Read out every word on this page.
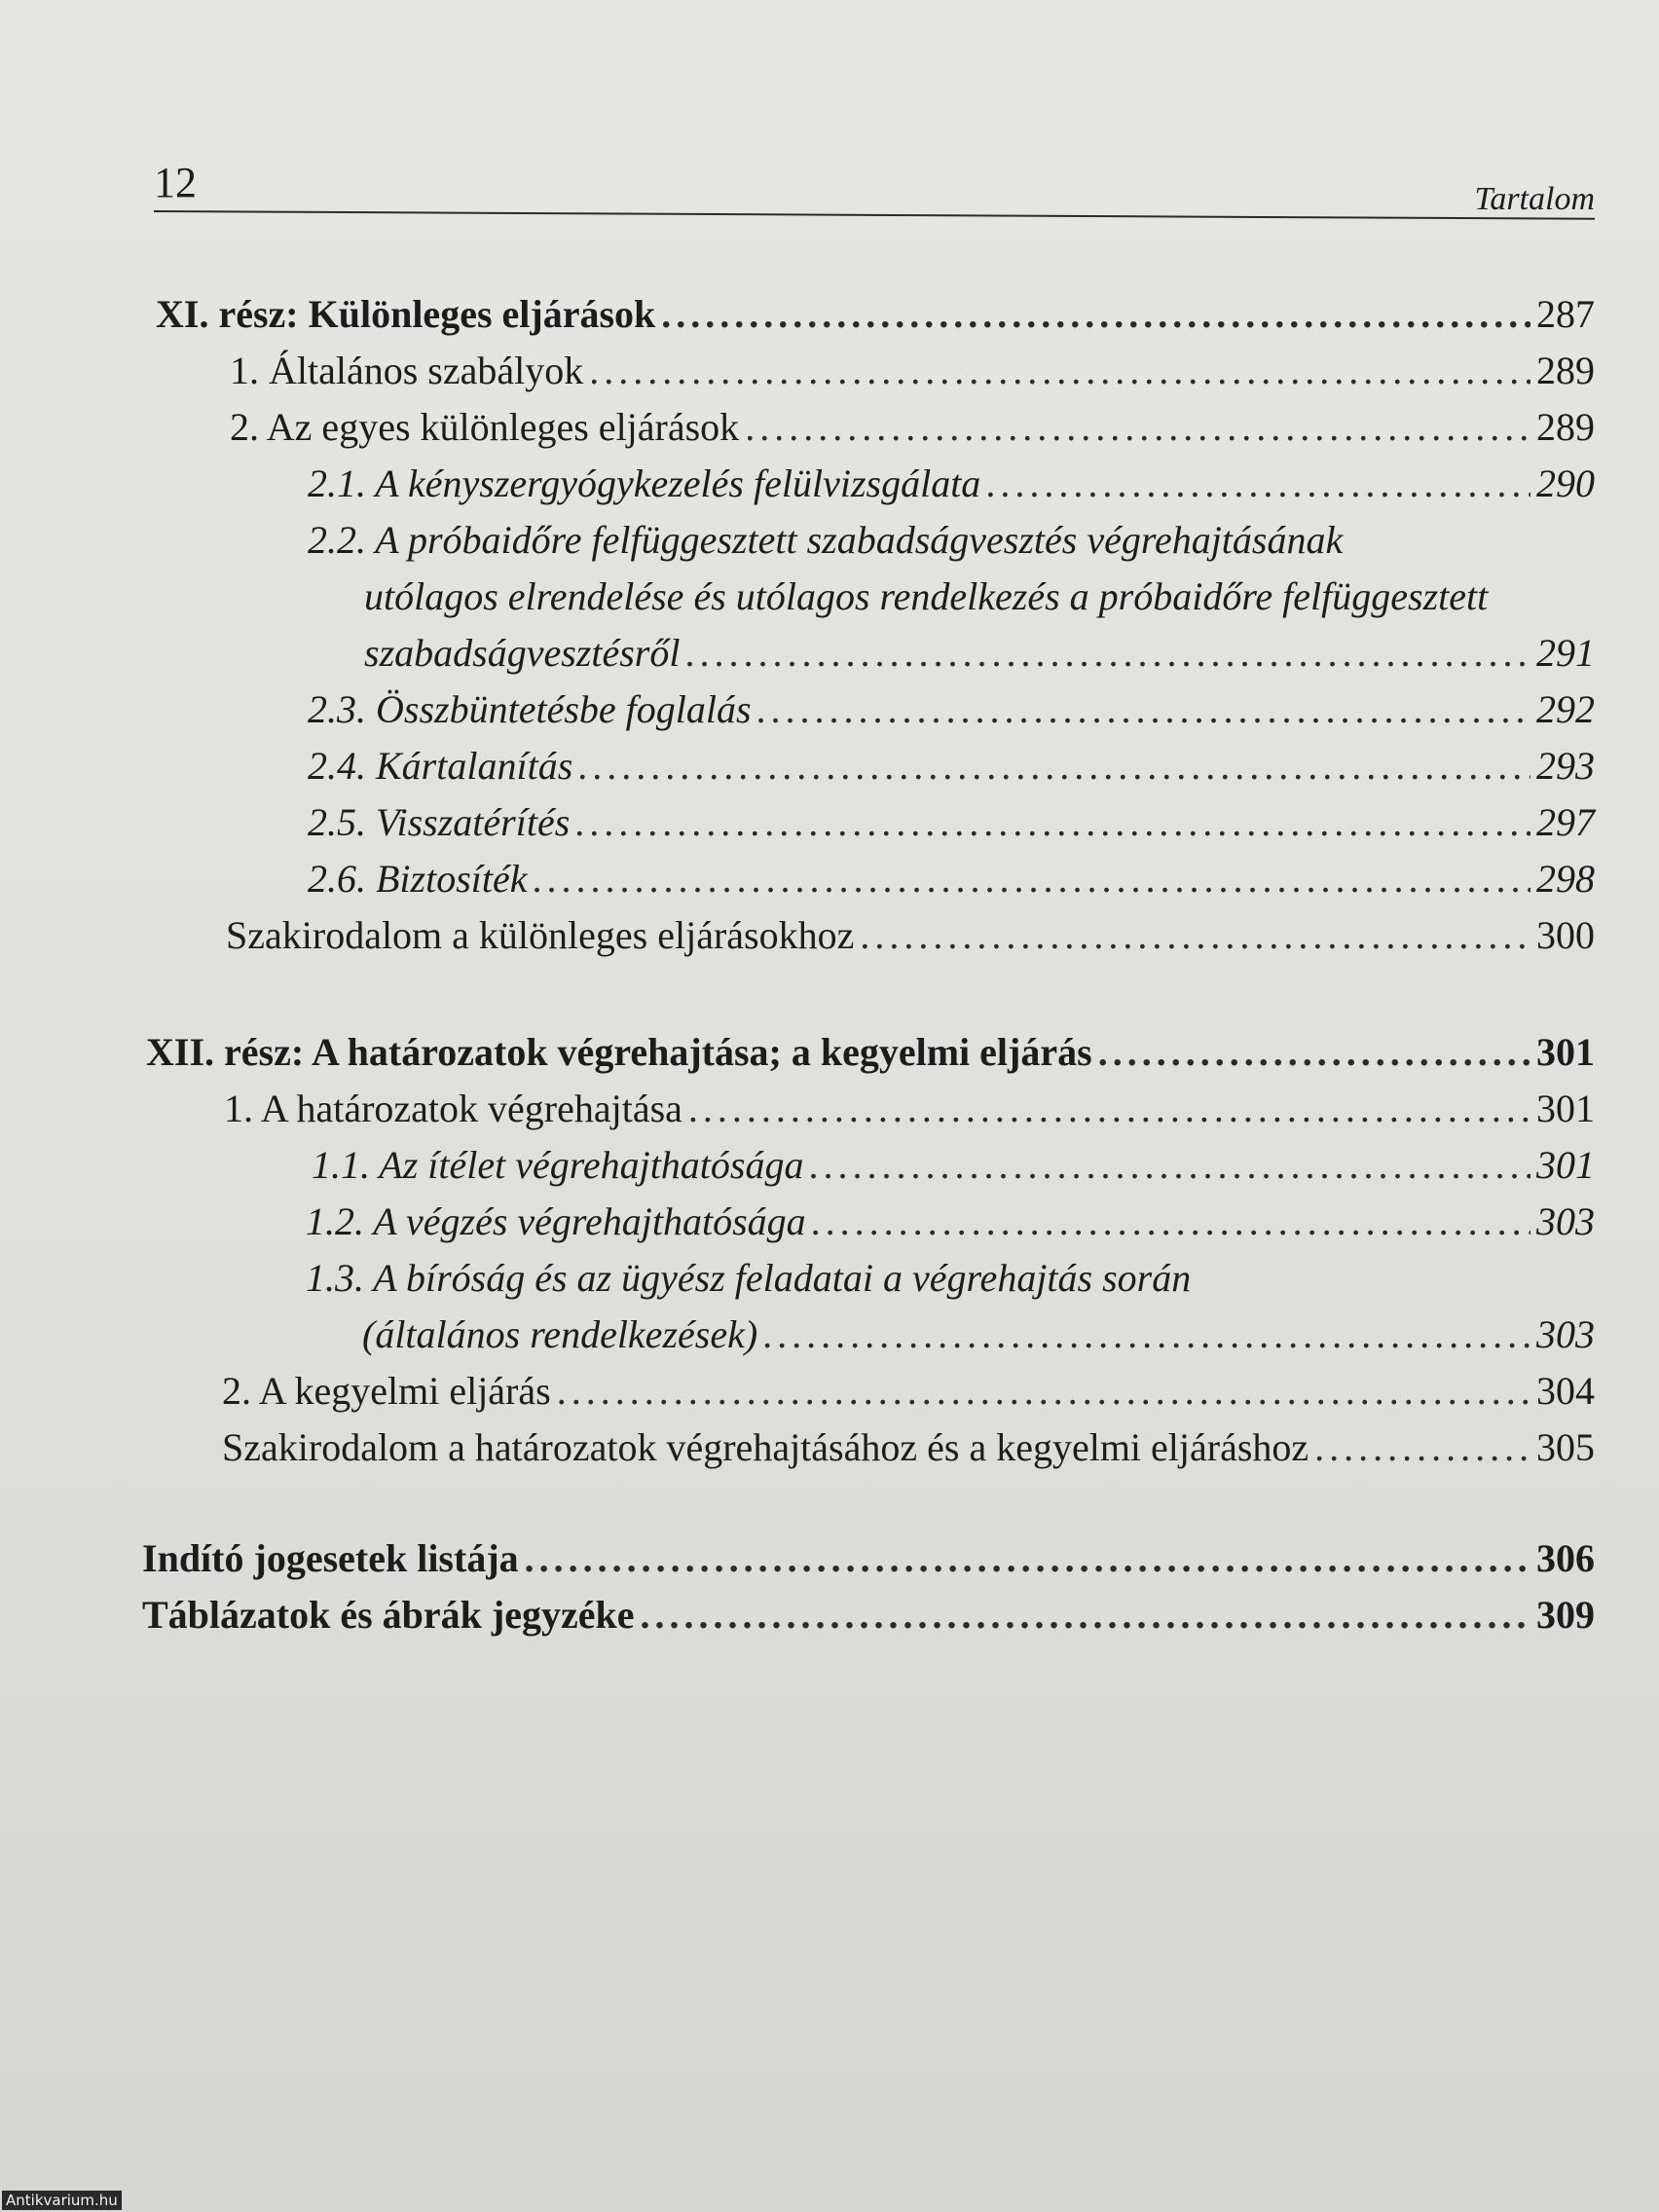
12	Tartalom
XI. rész: Különleges eljárások .....	287
1. Általános szabályok .....	289
2. Az egyes különleges eljárások .....	289
2.1. A kényszergyógykezelés felülvizsgálata .....	290
2.2. A próbaidőre felfüggesztett szabadságvesztés végrehajtásának
utólagos elrendelése és utólagos rendelkezés a próbaidőre felfüggesztett
szabadságvesztésről .....	291
2.3. Összbüntetésbe foglalás .....	292
2.4. Kártalanítás .....	293
2.5. Visszatérítés .....	297
2.6. Biztosíték .....	298
Szakirodalom a különleges eljárásokhoz .....	300
XII. rész: A határozatok végrehajtása; a kegyelmi eljárás .....	301
1. A határozatok végrehajtása .....	301
1.1. Az ítélet végrehajthatósága .....	301
1.2. A végzés végrehajthatósága .....	303
1.3. A bíróság és az ügyész feladatai a végrehajtás során
(általános rendelkezések) .....	303
2. A kegyelmi eljárás .....	304
Szakirodalom a határozatok végrehajtásához és a kegyelmi eljáráshoz .....	305
Indító jogesetek listája .....	306
Táblázatok és ábrák jegyzéke .....	309
Antikvarium.hu
